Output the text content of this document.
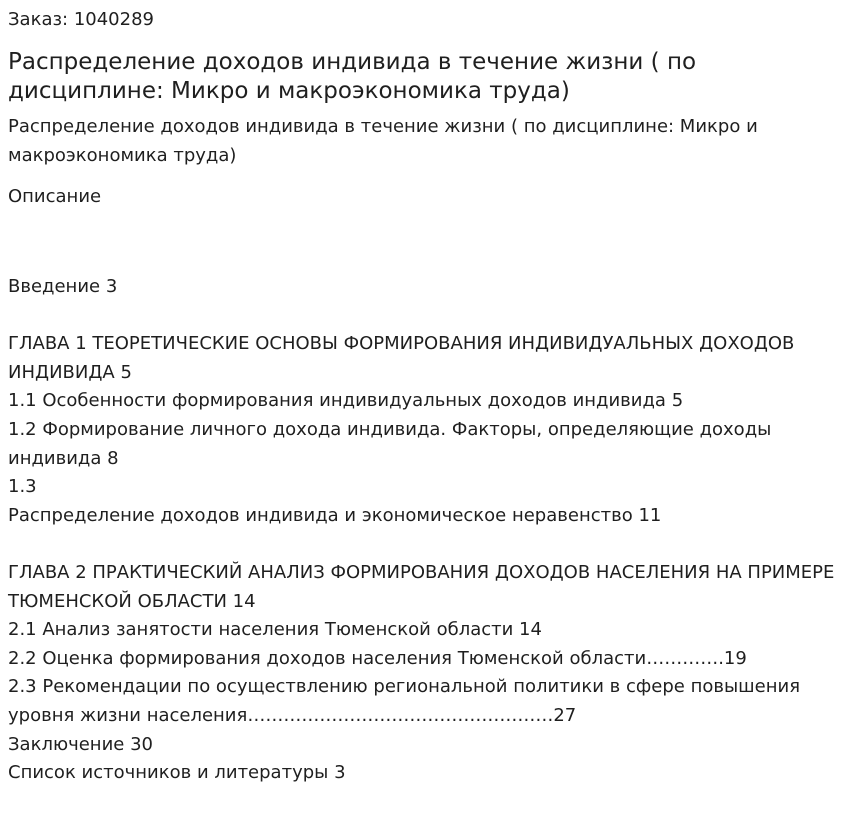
Заказ: 1040289

Распределение доходов индивида в течение жизни ( по дисциплине: Микро и макроэкономика труда)

Распределение доходов индивида в течение жизни ( по дисциплине: Микро и макроэкономика труда)

Описание

Введение 3
ГЛАВА 1 ТЕОРЕТИЧЕСКИЕ ОСНОВЫ ФОРМИРОВАНИЯ ИНДИВИДУАЛЬНЫХ ДОХОДОВ ИНДИВИДА 5
1.1 Особенности формирования индивидуальных доходов индивида 5
1.2 Формирование личного дохода индивида. Факторы, определяющие доходы индивида 8
1.3
Распределение доходов индивида и экономическое неравенство 11
ГЛАВА 2 ПРАКТИЧЕСКИЙ АНАЛИЗ ФОРМИРОВАНИЯ ДОХОДОВ НАСЕЛЕНИЯ НА ПРИМЕРЕ ТЮМЕНСКОЙ ОБЛАСТИ 14
2.1 Анализ занятости населения Тюменской области 14
2.2 Оценка формирования доходов населения Тюменской области………….19
2.3 Рекомендации по осуществлению региональной политики в сфере повышения уровня жизни населения……………………………………………27
Заключение 30
Список источников и литературы 3
